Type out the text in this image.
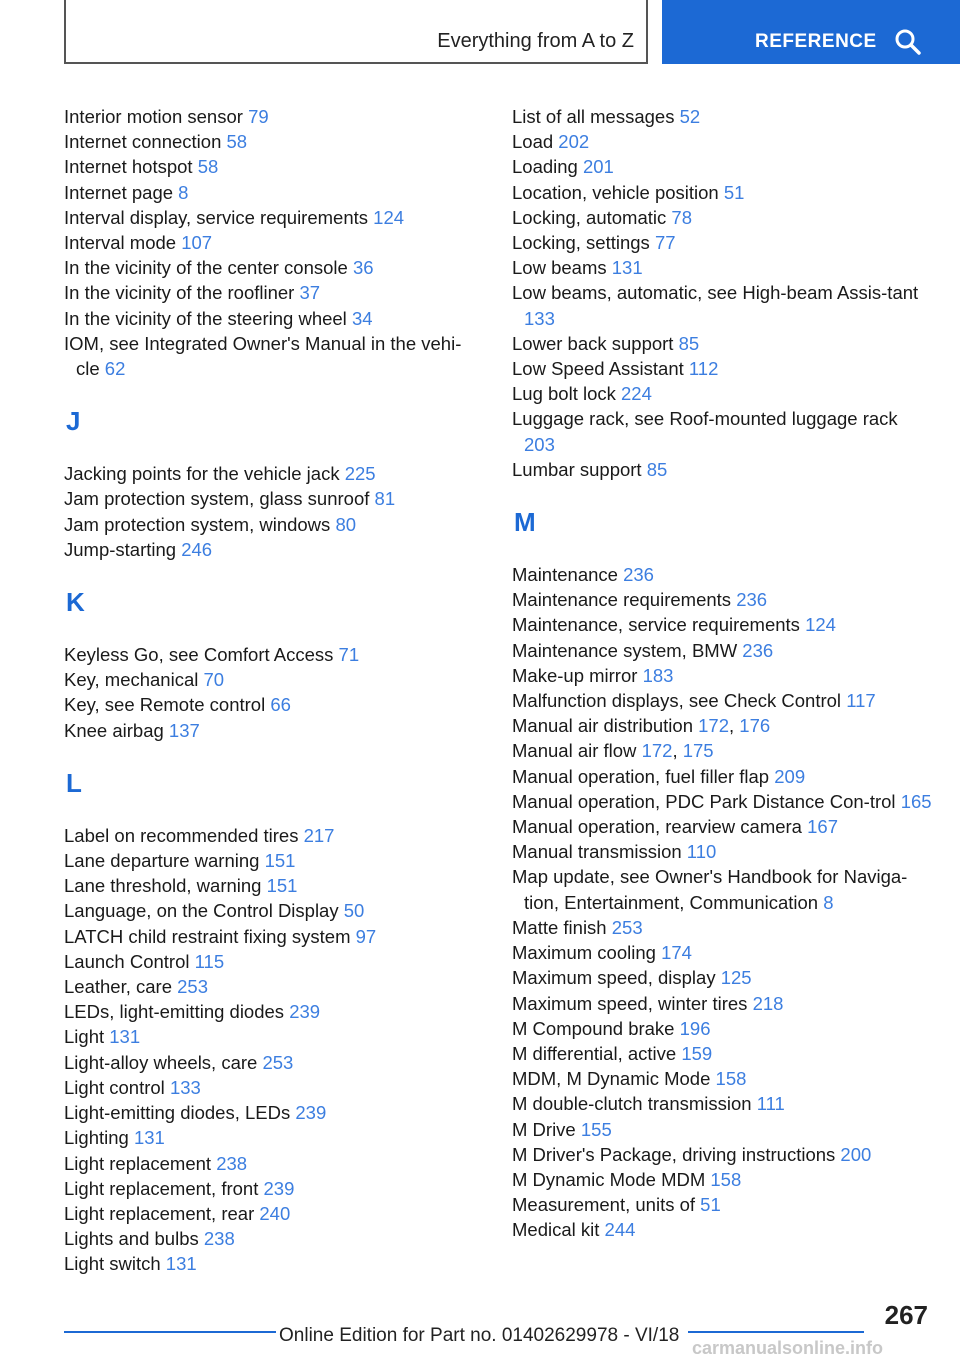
Everything from A to Z	REFERENCE
Interior motion sensor 79
Internet connection 58
Internet hotspot 58
Internet page 8
Interval display, service requirements 124
Interval mode 107
In the vicinity of the center console 36
In the vicinity of the roofliner 37
In the vicinity of the steering wheel 34
IOM, see Integrated Owner's Manual in the vehi‐cle 62
J
Jacking points for the vehicle jack 225
Jam protection system, glass sunroof 81
Jam protection system, windows 80
Jump-starting 246
K
Keyless Go, see Comfort Access 71
Key, mechanical 70
Key, see Remote control 66
Knee airbag 137
L
Label on recommended tires 217
Lane departure warning 151
Lane threshold, warning 151
Language, on the Control Display 50
LATCH child restraint fixing system 97
Launch Control 115
Leather, care 253
LEDs, light-emitting diodes 239
Light 131
Light-alloy wheels, care 253
Light control 133
Light-emitting diodes, LEDs 239
Lighting 131
Light replacement 238
Light replacement, front 239
Light replacement, rear 240
Lights and bulbs 238
Light switch 131
List of all messages 52
Load 202
Loading 201
Location, vehicle position 51
Locking, automatic 78
Locking, settings 77
Low beams 131
Low beams, automatic, see High-beam Assis‐tant 133
Lower back support 85
Low Speed Assistant 112
Lug bolt lock 224
Luggage rack, see Roof-mounted luggage rack 203
Lumbar support 85
M
Maintenance 236
Maintenance requirements 236
Maintenance, service requirements 124
Maintenance system, BMW 236
Make-up mirror 183
Malfunction displays, see Check Control 117
Manual air distribution 172, 176
Manual air flow 172, 175
Manual operation, fuel filler flap 209
Manual operation, PDC Park Distance Con‐trol 165
Manual operation, rearview camera 167
Manual transmission 110
Map update, see Owner's Handbook for Naviga‐tion, Entertainment, Communication 8
Matte finish 253
Maximum cooling 174
Maximum speed, display 125
Maximum speed, winter tires 218
M Compound brake 196
M differential, active 159
MDM, M Dynamic Mode 158
M double-clutch transmission 111
M Drive 155
M Driver's Package, driving instructions 200
M Dynamic Mode MDM 158
Measurement, units of 51
Medical kit 244
267
Online Edition for Part no. 01402629978 - VI/18
carmanualsonline.info
